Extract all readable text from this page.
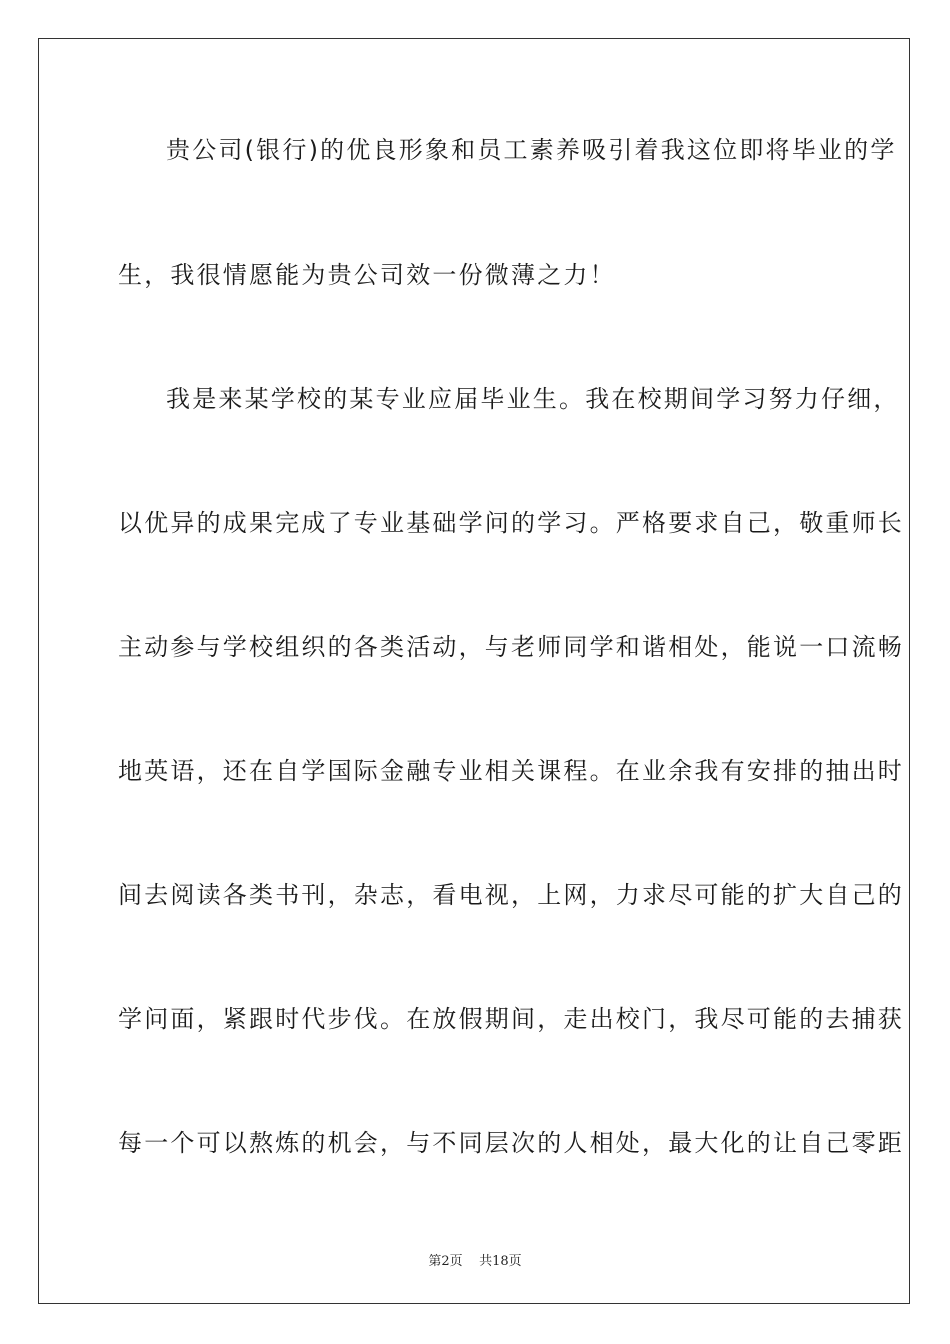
贵公司(银行)的优良形象和员工素养吸引着我这位即将毕业的学
生，我很情愿能为贵公司效一份微薄之力！
我是来某学校的某专业应届毕业生。我在校期间学习努力仔细，
以优异的成果完成了专业基础学问的学习。严格要求自己，敬重师长
主动参与学校组织的各类活动，与老师同学和谐相处，能说一口流畅
地英语，还在自学国际金融专业相关课程。在业余我有安排的抽出时
间去阅读各类书刊，杂志，看电视，上网，力求尽可能的扩大自己的
学问面，紧跟时代步伐。在放假期间，走出校门，我尽可能的去捕获
每一个可以熬炼的机会，与不同层次的人相处，最大化的让自己零距
第2页 共18页
